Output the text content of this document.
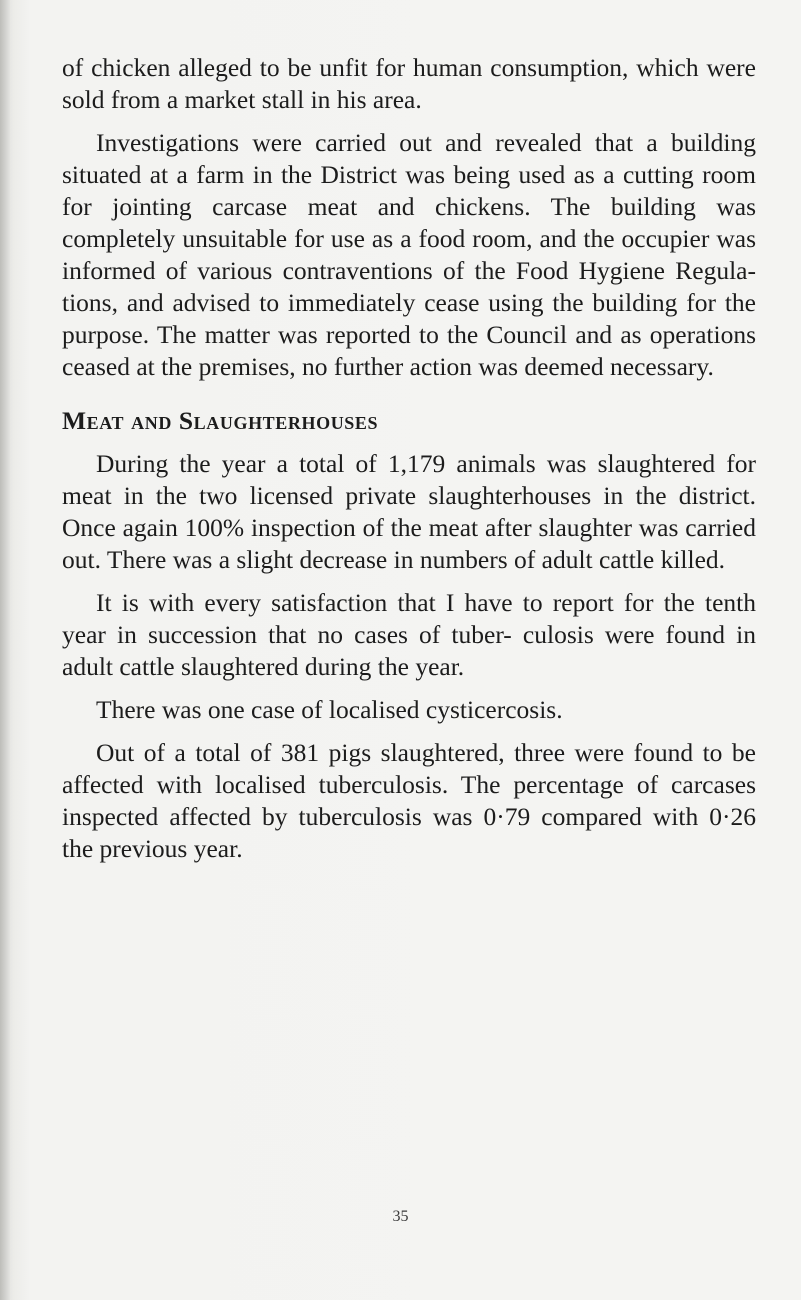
of chicken alleged to be unfit for human consumption, which were sold from a market stall in his area.

Investigations were carried out and revealed that a building situated at a farm in the District was being used as a cutting room for jointing carcase meat and chickens. The building was completely unsuitable for use as a food room, and the occupier was informed of various contraventions of the Food Hygiene Regula- tions, and advised to immediately cease using the building for the purpose. The matter was reported to the Council and as operations ceased at the premises, no further action was deemed necessary.

Meat and Slaughterhouses

During the year a total of 1,179 animals was slaughtered for meat in the two licensed private slaughterhouses in the district. Once again 100% inspection of the meat after slaughter was carried out. There was a slight decrease in numbers of adult cattle killed.

It is with every satisfaction that I have to report for the tenth year in succession that no cases of tuber- culosis were found in adult cattle slaughtered during the year.

There was one case of localised cysticercosis.

Out of a total of 381 pigs slaughtered, three were found to be affected with localised tuberculosis. The percentage of carcases inspected affected by tuberculosis was 0·79 compared with 0·26 the previous year.

35
